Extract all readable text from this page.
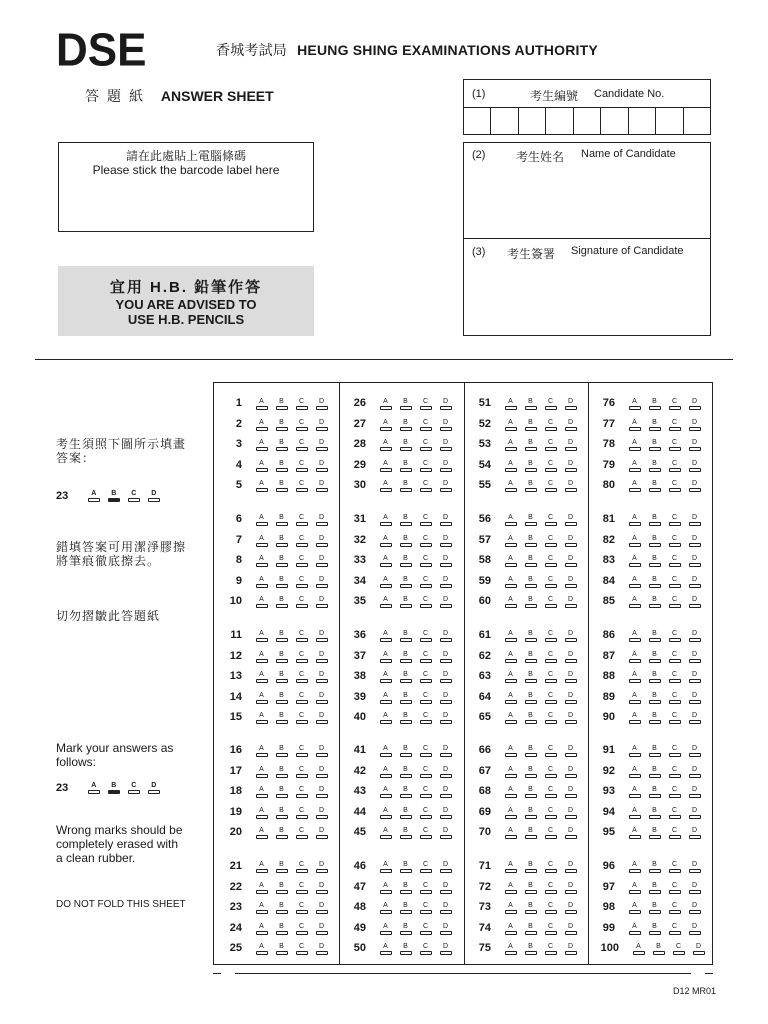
DSE	香城考試局 HEUNG SHING EXAMINATIONS AUTHORITY
答題紙 ANSWER SHEET	(1)	考生編號 Candidate No.
請在此處貼上電腦條碼
Please stick the barcode label here
(2)	考生姓名 Name of Candidate
(3) 考生簽署 Signature of Candidate
宜用 H.B. 鉛筆作答
YOU ARE ADVISED TO
USE H.B. PENCILS
考生須照下圖所示填畫
答案：
23	A B C D
錯填答案可用潔淨膠擦
將筆痕徹底擦去。
切勿摺皺此答題紙
Mark your answers as
follows:
23	A B C D
Wrong marks should be
completely erased with
a clean rubber.
DO NOT FOLD THIS SHEET
1	A B C D
2	A B C D
3	A B C D
4	A B C D
5	A B C D
6	A B C D
7	A B C D
8	A B C D
9	A B C D
10	A B C D
11	A B C D
12	A B C D
13	A B C D
14	A B C D
15	A B C D
16	A B C D
17	A B C D
18	A B C D
19	A B C D
20	A B C D
21	A B C D
22	A B C D
23	A B C D
24	A B C D
25	A B C D
26	A B C D
27	A B C D
28	A B C D
29	A B C D
30	A B C D
31	A B C D
32	A B C D
33	A B C D
34	A B C D
35	A B C D
36	A B C D
37	A B C D
38	A B C D
39	A B C D
40	A B C D
41	A B C D
42	A B C D
43	A B C D
44	A B C D
45	A B C D
46	A B C D
47	A B C D
48	A B C D
49	A B C D
50	A B C D
51	A B C D
52	A B C D
53	A B C D
54	A B C D
55	A B C D
56	A B C D
57	A B C D
58	A B C D
59	A B C D
60	A B C D
61	A B C D
62	A B C D
63	A B C D
64	A B C D
65	A B C D
66	A B C D
67	A B C D
68	A B C D
69	A B C D
70	A B C D
71	A B C D
72	A B C D
73	A B C D
74	A B C D
75	A B C D
76	A B C D
77	A B C D
78	A B C D
79	A B C D
80	A B C D
81	A B C D
82	A B C D
83	A B C D
84	A B C D
85	A B C D
86	A B C D
87	A B C D
88	A B C D
89	A B C D
90	A B C D
91	A B C D
92	A B C D
93	A B C D
94	A B C D
95	A B C D
96	A B C D
97	A B C D
98	A B C D
99	A B C D
100	A B C D
D12 MR01
